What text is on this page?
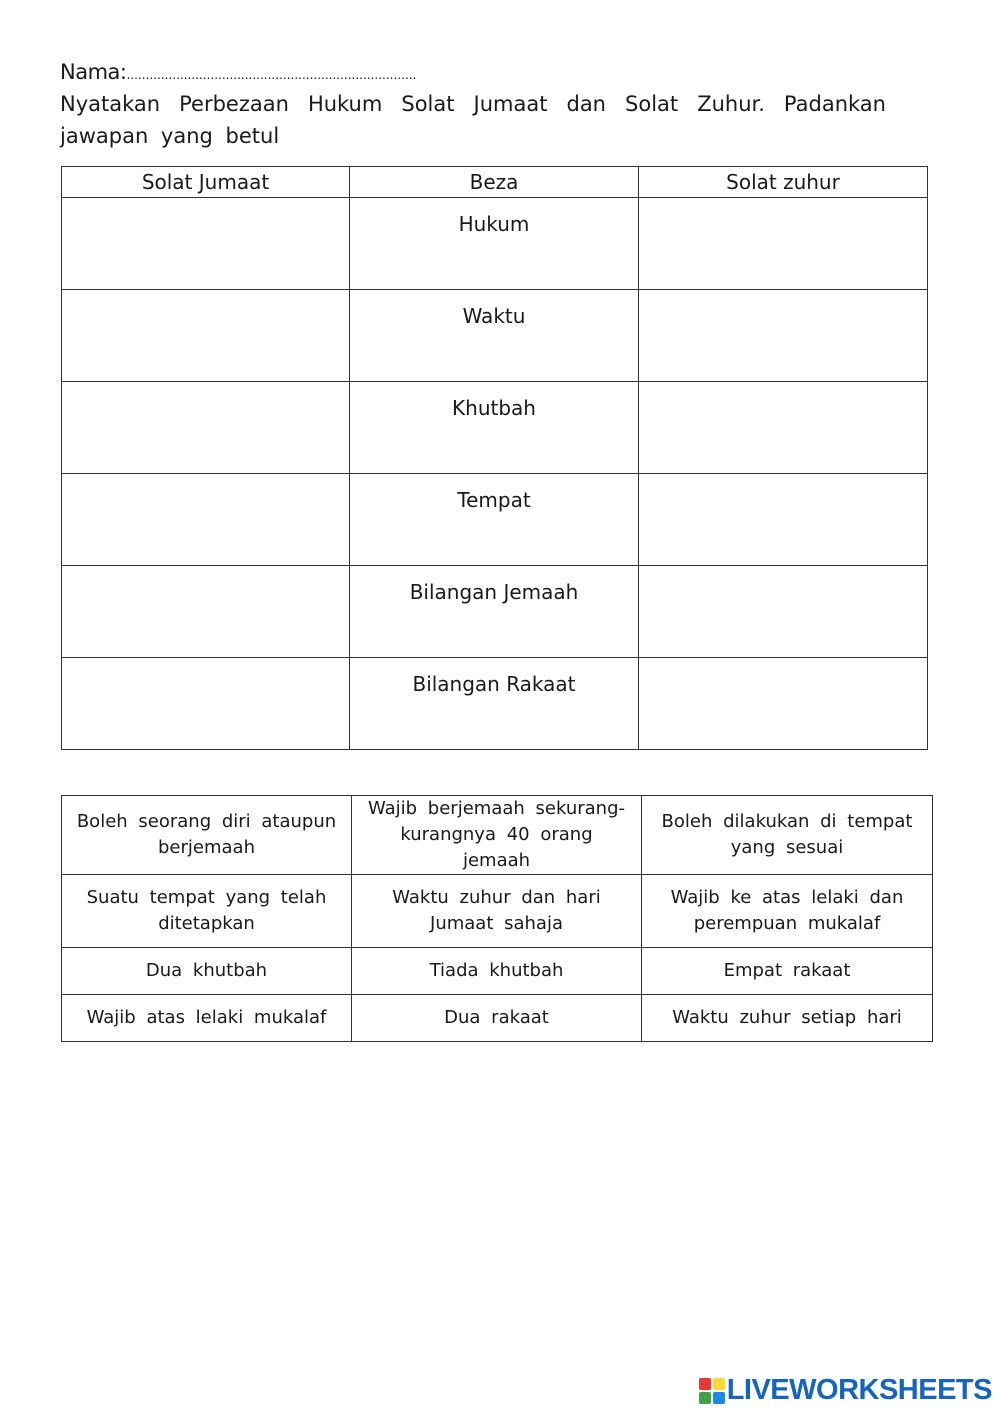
Nama:............................................................................
Nyatakan Perbezaan Hukum Solat Jumaat dan Solat Zuhur. Padankan jawapan yang betul
Solat Jumaat	Beza	Solat zuhur
	Hukum	
	Waktu	
	Khutbah	
	Tempat	
	Bilangan Jemaah	
	Bilangan Rakaat	
Boleh seorang diri ataupun berjemaah	Wajib berjemaah sekurang-kurangnya 40 orang jemaah	Boleh dilakukan di tempat yang sesuai
Suatu tempat yang telah ditetapkan	Waktu zuhur dan hari Jumaat sahaja	Wajib ke atas lelaki dan perempuan mukalaf
Dua khutbah	Tiada khutbah	Empat rakaat
Wajib atas lelaki mukalaf	Dua rakaat	Waktu zuhur setiap hari
LIVEWORKSHEETS
